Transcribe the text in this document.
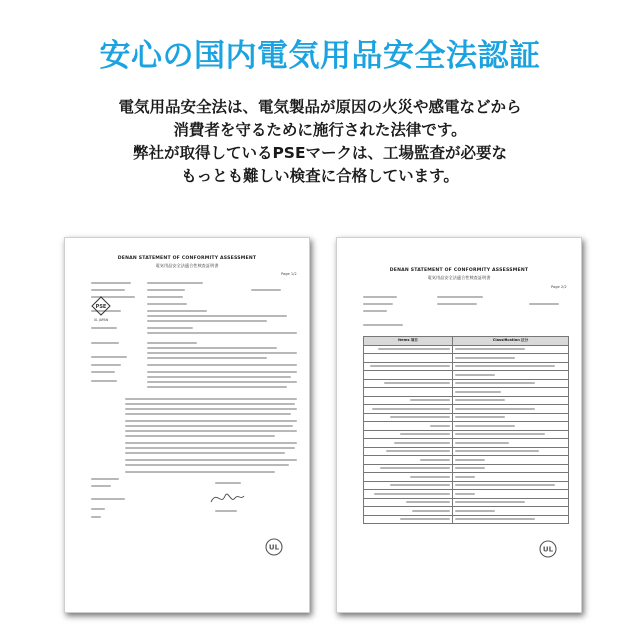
安心の国内電気用品安全法認証
電気用品安全法は、電気製品が原因の火災や感電などから
消費者を守るために施行された法律です。
弊社が取得しているPSEマークは、工場監査が必要な
もっとも難しい検査に合格しています。
DENAN STATEMENT OF CONFORMITY ASSESSMENT
電気用品安全法適合性検査証明書
Page 1/2
PSE
UL JAPAN
UL
DENAN STATEMENT OF CONFORMITY ASSESSMENT
電気用品安全法適合性検査証明書
Page 2/2
Items 項目	Classification 区分

UL
